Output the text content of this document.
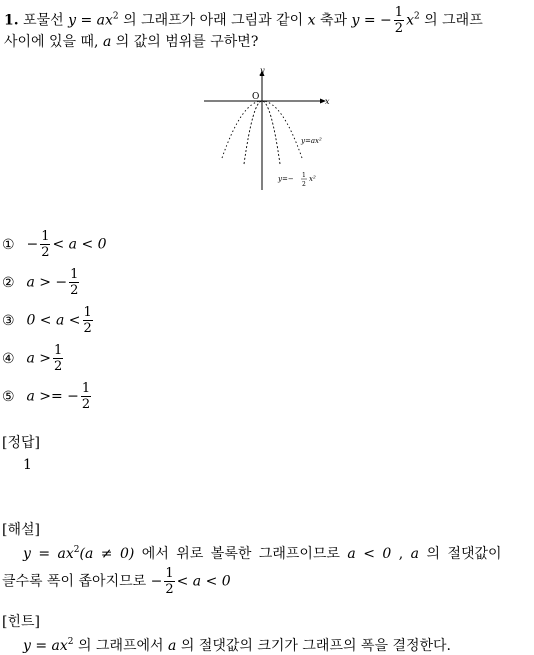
1. 포물선 $y = ax^2$ 의 그래프가 아래 그림과 같이 x 축과 y = − $\frac{1}{2} x^2$ 의 그래프
사이에 있을 때, a 의 값의 범위를 구하면?
y
x
O
y=ax²
y=− 1
2
x²
① − $\frac{1}{2} < a < 0$
② a > − $\frac{1}{2}$
③ $0 < a < \frac{1}{2}$
④ $a > \frac{1}{2}$
⑤ a >= − $\frac{1}{2}$
[정답]
1
[해설]
$y = ax^2(a \ne 0)$ 에서 위로 볼록한 그래프이므로 a < 0 , a 의 절댓값이
클수록 폭이 좁아지므로 − $\frac{1}{2} < a < 0$
[힌트]
$y = ax^2$ 의 그래프에서 a 의 절댓값의 크기가 그래프의 폭을 결정한다.
